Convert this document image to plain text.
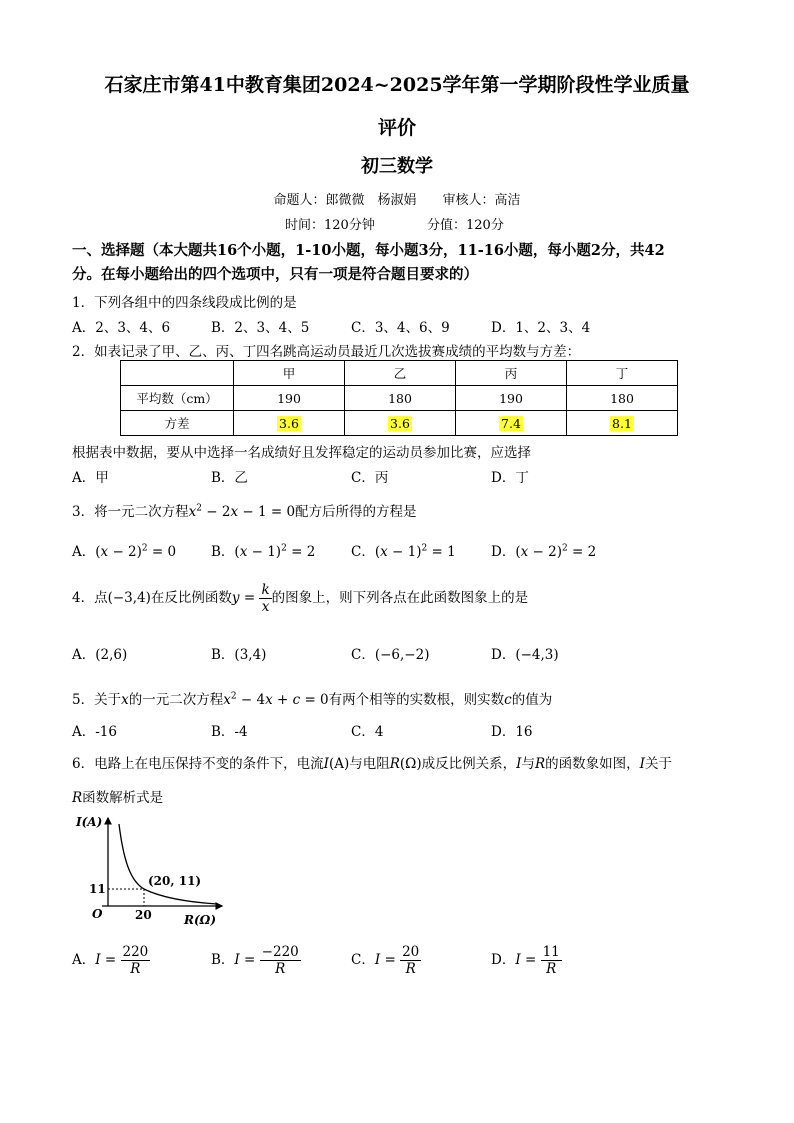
石家庄市第41中教育集团2024~2025学年第一学期阶段性学业质量
评价
初三数学
命题人：郎微微　杨淑娟　　审核人：高洁
时间：120分钟	分值：120分
一、选择题（本大题共16个小题，1-10小题，每小题3分，11-16小题，每小题2分，共42
分。在每小题给出的四个选项中，只有一项是符合题目要求的）
1．下列各组中的四条线段成比例的是
A．2、3、4、6	B．2、3、4、5	C．3、4、6、9	D．1、2、3、4
2．如表记录了甲、乙、丙、丁四名跳高运动员最近几次选拔赛成绩的平均数与方差：
	甲	乙	丙	丁
平均数（cm）	190	180	190	180
方差	3.6	3.6	7.4	8.1
根据表中数据，要从中选择一名成绩好且发挥稳定的运动员参加比赛，应选择
A．甲	B．乙	C．丙	D．丁
3．将一元二次方程$x^2 - 2x - 1 = 0$配方后所得的方程是
A．$(x - 2)^2 = 0$	B．$(x - 1)^2 = 2$	C．$(x - 1)^2 = 1$	D．$(x - 2)^2 = 2$
4．点(−3,4)在反比例函数$y = \frac{k}{x}$ 的图象上，则下列各点在此函数图象上的是
A．(2,6)	B．(3,4)	C．(−6,−2)	D．(−4,3)
5．关于x的一元二次方程$x^2 - 4x + c = 0$有两个相等的实数根，则实数c的值为
A．-16	B．-4	C．4	D．16
6．电路上在电压保持不变的条件下，电流I(A)与电阻R(Ω)成反比例关系，I与R的函数象如图，I关于
R函数解析式是
I(A)
R(Ω)
O	20
11
(20, 11)
A．$I = \frac{220}{R}$	B．$I = \frac{-220}{R}$	C．$I = \frac{20}{R}$	D．$I = \frac{11}{R}$
